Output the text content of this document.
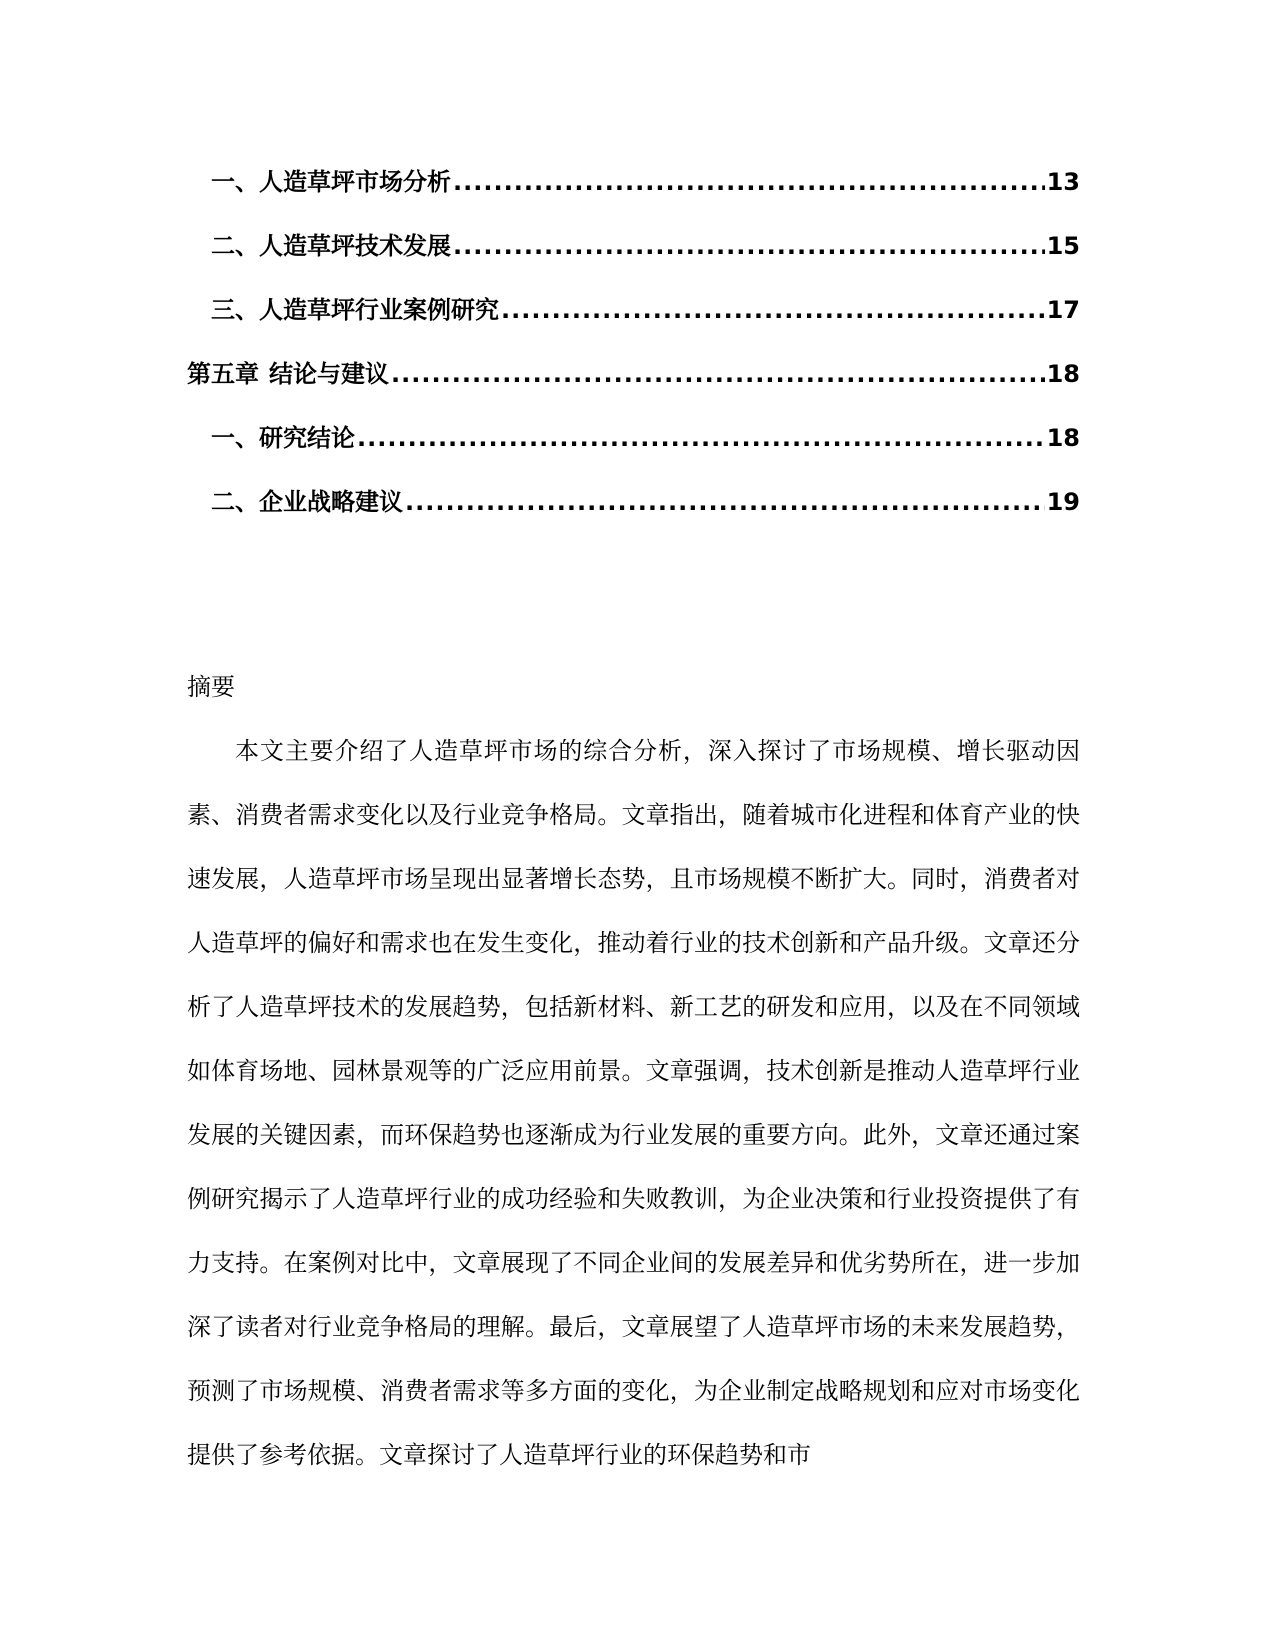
一、 人造草坪市场分析 .....	13
二、 人造草坪技术发展 .....	15
三、 人造草坪行业案例研究 .....	17
第五章 结论与建议 .....	18
一、 研究结论 .....	18
二、 企业战略建议 .....	19
摘要

本文主要介绍了人造草坪市场的综合分析，深入探讨了市场规模、增长驱动因素、消费者需求变化以及行业竞争格局。文章指出，随着城市化进程和体育产业的快速发展，人造草坪市场呈现出显著增长态势，且市场规模不断扩大。同时，消费者对人造草坪的偏好和需求也在发生变化，推动着行业的技术创新和产品升级。文章还分析了人造草坪技术的发展趋势，包括新材料、新工艺的研发和应用，以及在不同领域如体育场地、园林景观等的广泛应用前景。文章强调，技术创新是推动人造草坪行业发展的关键因素，而环保趋势也逐渐成为行业发展的重要方向。此外，文章还通过案例研究揭示了人造草坪行业的成功经验和失败教训，为企业决策和行业投资提供了有力支持。在案例对比中，文章展现了不同企业间的发展差异和优劣势所在，进一步加深了读者对行业竞争格局的理解。最后，文章展望了人造草坪市场的未来发展趋势，预测了市场规模、消费者需求等多方面的变化，为企业制定战略规划和应对市场变化提供了参考依据。文章探讨了人造草坪行业的环保趋势和市
